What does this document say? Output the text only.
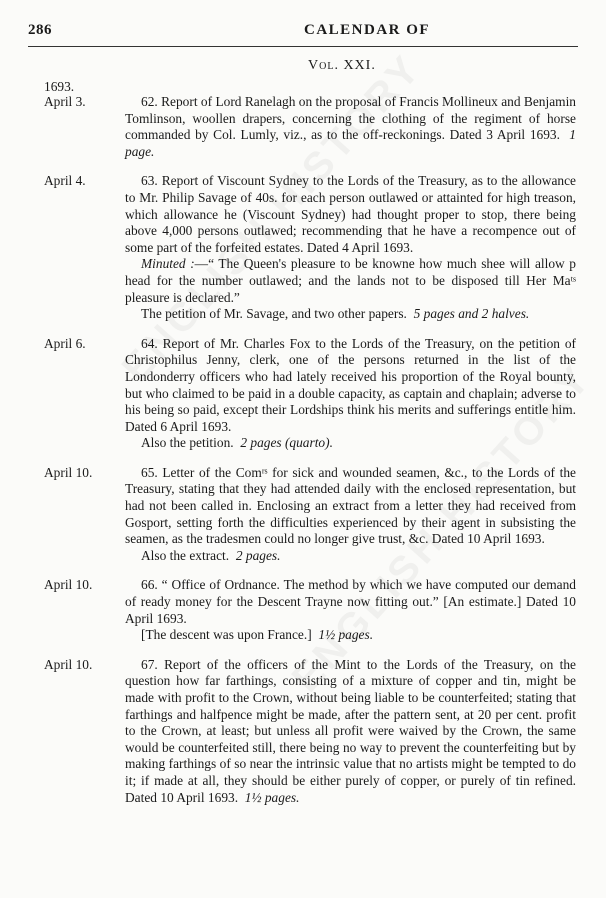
286	CALENDAR OF
Vol. XXI.
1693.
April 3.	62. Report of Lord Ranelagh on the proposal of Francis Mollineux and Benjamin Tomlinson, woollen drapers, concerning the clothing of the regiment of horse commanded by Col. Lumly, viz., as to the off-reckonings. Dated 3 April 1693. 1 page.
April 4.	63. Report of Viscount Sydney to the Lords of the Treasury, as to the allowance to Mr. Philip Savage of 40s. for each person outlawed or attainted for high treason, which allowance he (Viscount Sydney) had thought proper to stop, there being above 4,000 persons outlawed; recommending that he have a recompence out of some part of the forfeited estates. Dated 4 April 1693.
Minuted :—“ The Queen's pleasure to be knowne how much shee will allow p head for the number outlawed; and the lands not to be disposed till Her Maᵗˢ pleasure is declared.”
The petition of Mr. Savage, and two other papers. 5 pages and 2 halves.
April 6.	64. Report of Mr. Charles Fox to the Lords of the Treasury, on the petition of Christophilus Jenny, clerk, one of the persons returned in the list of the Londonderry officers who had lately received his proportion of the Royal bounty, but who claimed to be paid in a double capacity, as captain and chaplain; adverse to his being so paid, except their Lordships think his merits and sufferings entitle him. Dated 6 April 1693.
Also the petition. 2 pages (quarto).
April 10.	65. Letter of the Comʳˢ for sick and wounded seamen, &c., to the Lords of the Treasury, stating that they had attended daily with the enclosed representation, but had not been called in. Enclosing an extract from a letter they had received from Gosport, setting forth the difficulties experienced by their agent in subsisting the seamen, as the tradesmen could no longer give trust, &c. Dated 10 April 1693.
Also the extract. 2 pages.
April 10.	66. “ Office of Ordnance. The method by which we have computed our demand of ready money for the Descent Trayne now fitting out.” [An estimate.] Dated 10 April 1693.
[The descent was upon France.] 1½ pages.
April 10.	67. Report of the officers of the Mint to the Lords of the Treasury, on the question how far farthings, consisting of a mixture of copper and tin, might be made with profit to the Crown, without being liable to be counterfeited; stating that farthings and halfpence might be made, after the pattern sent, at 20 per cent. profit to the Crown, at least; but unless all profit were waived by the Crown, the same would be counterfeited still, there being no way to prevent the counterfeiting but by making farthings of so near the intrinsic value that no artists might be tempted to do it; if made at all, they should be either purely of copper, or purely of tin refined. Dated 10 April 1693. 1½ pages.
